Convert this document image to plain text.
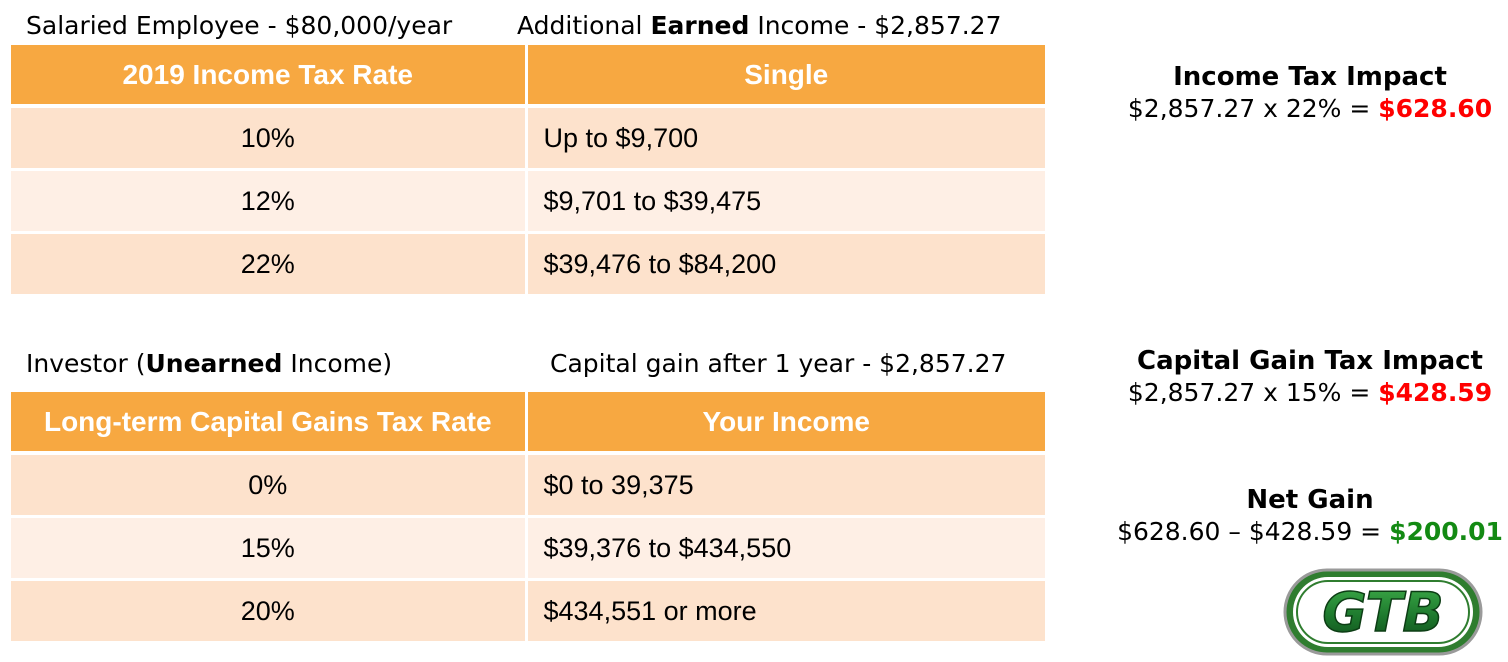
Salaried Employee - $80,000/year	Additional Earned Income - $2,857.27
2019 Income Tax Rate	Single
10%	Up to $9,700
12%	$9,701 to $39,475
22%	$39,476 to $84,200
Investor (Unearned Income)	Capital gain after 1 year - $2,857.27
Long-term Capital Gains Tax Rate	Your Income
0%	$0 to 39,375
15%	$39,376 to $434,550
20%	$434,551 or more
Income Tax Impact
$2,857.27 x 22% = $628.60
Capital Gain Tax Impact
$2,857.27 x 15% = $428.59
Net Gain
$628.60 – $428.59 = $200.01
GTB
